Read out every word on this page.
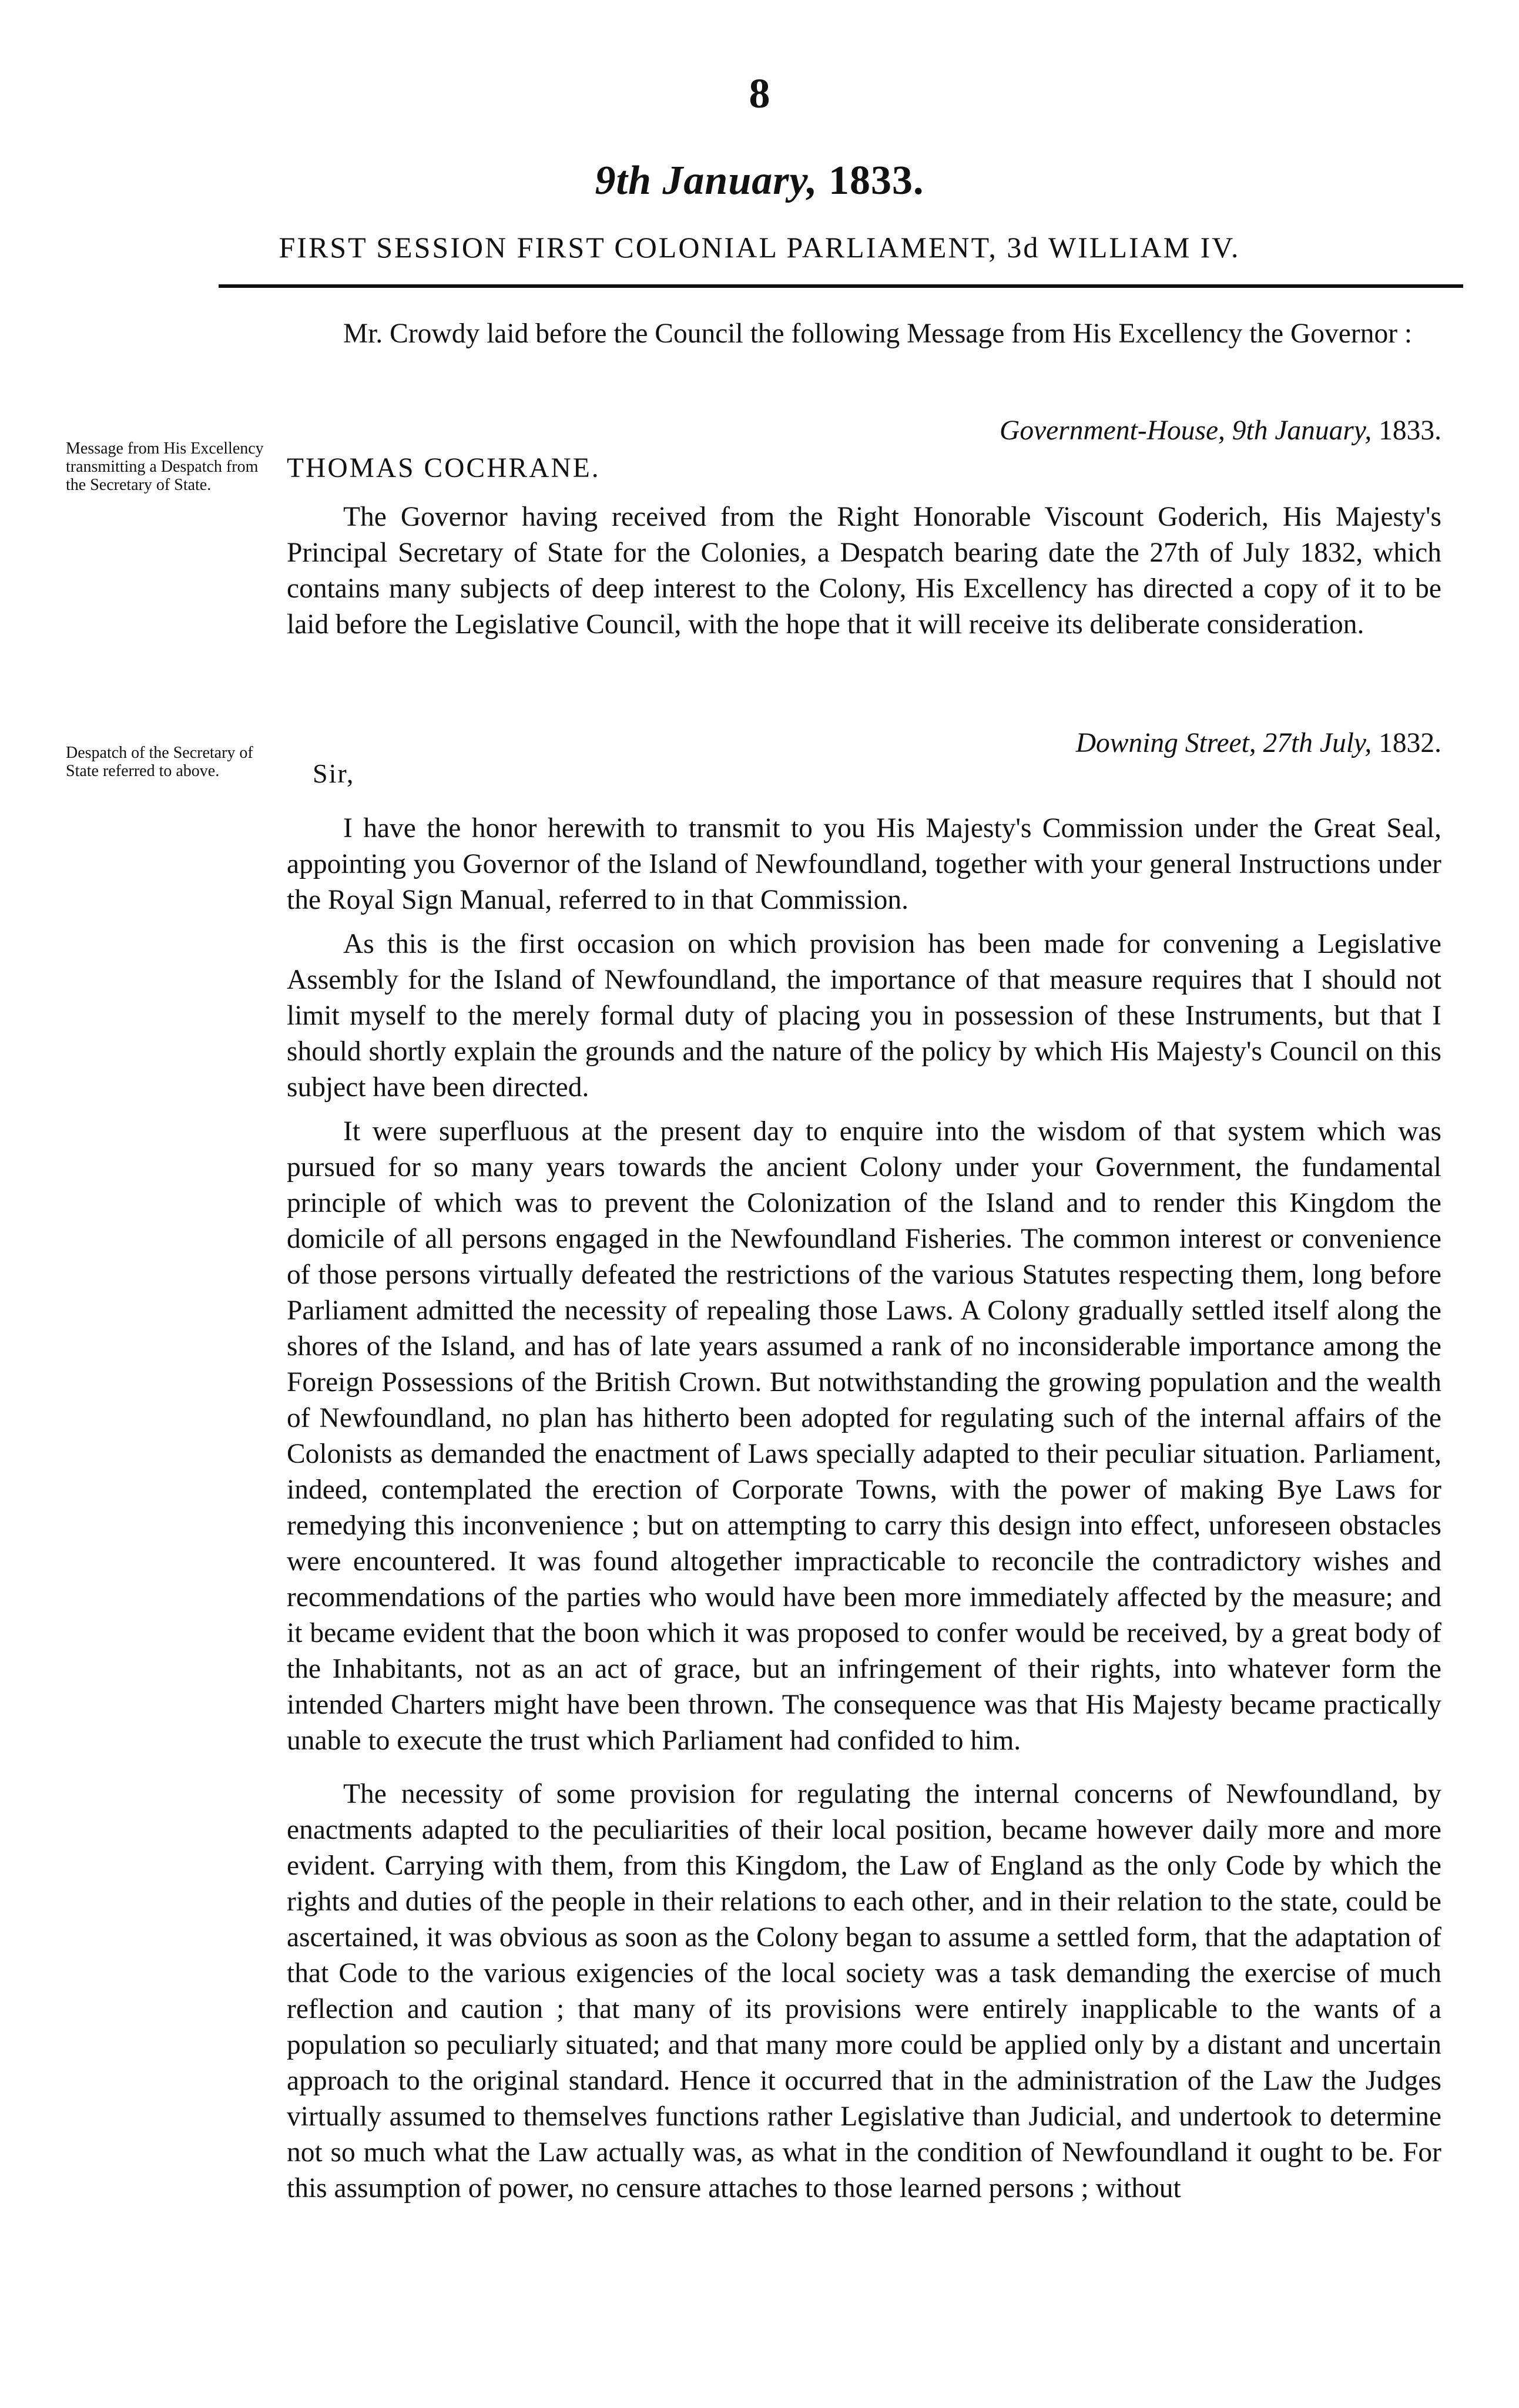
8
9th January, 1833.
FIRST SESSION FIRST COLONIAL PARLIAMENT, 3d WILLIAM IV.

Mr. Crowdy laid before the Council the following Message from His Excellency the Governor :

Government-House, 9th January, 1833.
Message from His Excellency transmitting a Despatch from the Secretary of State.
THOMAS COCHRANE.

The Governor having received from the Right Honorable Viscount Goderich, His Majesty's Principal Secretary of State for the Colonies, a Despatch bearing date the 27th of July 1832, which contains many subjects of deep interest to the Colony, His Excellency has directed a copy of it to be laid before the Legislative Council, with the hope that it will receive its deliberate consideration.

Downing Street, 27th July, 1832.
Despatch of the Secretary of State referred to above.	Sir,

I have the honor herewith to transmit to you His Majesty's Commission under the Great Seal, appointing you Governor of the Island of Newfoundland, together with your general Instructions under the Royal Sign Manual, referred to in that Commission.

As this is the first occasion on which provision has been made for convening a Legislative Assembly for the Island of Newfoundland, the importance of that measure requires that I should not limit myself to the merely formal duty of placing you in possession of these Instruments, but that I should shortly explain the grounds and the nature of the policy by which His Majesty's Council on this subject have been directed.

It were superfluous at the present day to enquire into the wisdom of that system which was pursued for so many years towards the ancient Colony under your Government, the fundamental principle of which was to prevent the Colonization of the Island and to render this Kingdom the domicile of all persons engaged in the Newfoundland Fisheries. The common interest or convenience of those persons virtually defeated the restrictions of the various Statutes respecting them, long before Parliament admitted the necessity of repealing those Laws. A Colony gradually settled itself along the shores of the Island, and has of late years assumed a rank of no inconsiderable importance among the Foreign Possessions of the British Crown. But notwithstanding the growing population and the wealth of Newfoundland, no plan has hitherto been adopted for regulating such of the internal affairs of the Colonists as demanded the enactment of Laws specially adapted to their peculiar situation. Parliament, indeed, contemplated the erection of Corporate Towns, with the power of making Bye Laws for remedying this inconvenience ; but on attempting to carry this design into effect, unforeseen obstacles were encountered. It was found altogether impracticable to reconcile the contradictory wishes and recommendations of the parties who would have been more immediately affected by the measure; and it became evident that the boon which it was proposed to confer would be received, by a great body of the Inhabitants, not as an act of grace, but an infringement of their rights, into whatever form the intended Charters might have been thrown. The consequence was that His Majesty became practically unable to execute the trust which Parliament had confided to him.

The necessity of some provision for regulating the internal concerns of Newfoundland, by enactments adapted to the peculiarities of their local position, became however daily more and more evident. Carrying with them, from this Kingdom, the Law of England as the only Code by which the rights and duties of the people in their relations to each other, and in their relation to the state, could be ascertained, it was obvious as soon as the Colony began to assume a settled form, that the adaptation of that Code to the various exigencies of the local society was a task demanding the exercise of much reflection and caution ; that many of its provisions were entirely inapplicable to the wants of a population so peculiarly situated; and that many more could be applied only by a distant and uncertain approach to the original standard. Hence it occurred that in the administration of the Law the Judges virtually assumed to themselves functions rather Legislative than Judicial, and undertook to determine not so much what the Law actually was, as what in the condition of Newfoundland it ought to be. For this assumption of power, no censure attaches to those learned persons ; without
